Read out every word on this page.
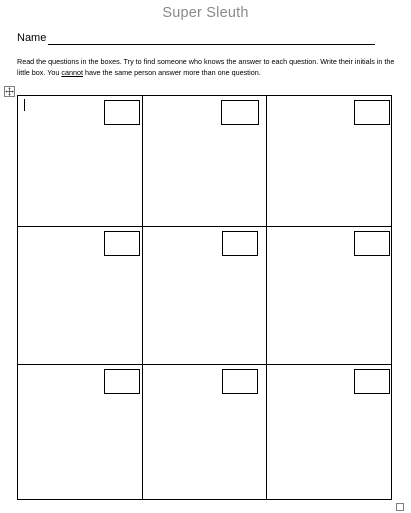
Super Sleuth
Name
Read the questions in the boxes. Try to find someone who knows the answer to each question. Write their initials in the little box. You cannot have the same person answer more than one question.
